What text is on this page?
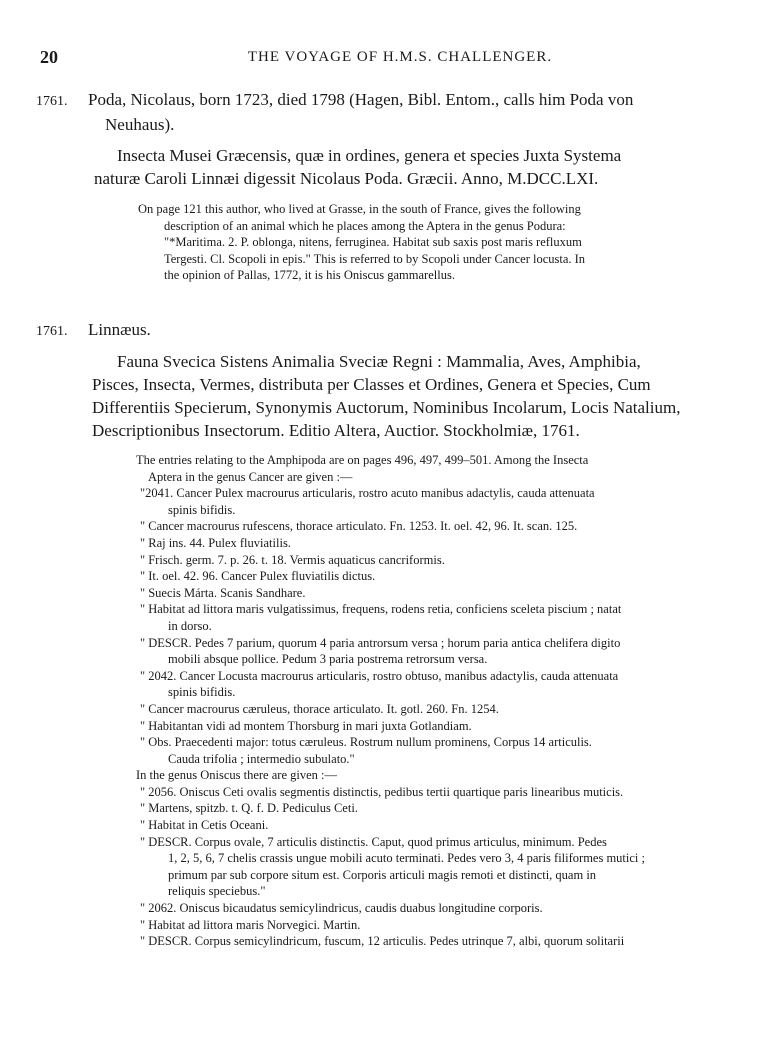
20	THE VOYAGE OF H.M.S. CHALLENGER.
1761. Poda, Nicolaus, born 1723, died 1798 (Hagen, Bibl. Entom., calls him Poda von
Neuhaus).
Insecta Musei Græcensis, quæ in ordines, genera et species Juxta Systema
naturæ Caroli Linnæi digessit Nicolaus Poda. Græcii. Anno, M.DCC.LXI.

On page 121 this author, who lived at Grasse, in the south of France, gives the following

description of an animal which he places among the Aptera in the genus Podura:

"*Maritima. 2. P. oblonga, nitens, ferruginea. Habitat sub saxis post maris refluxum

Tergesti. Cl. Scopoli in epis." This is referred to by Scopoli under Cancer locusta. In

the opinion of Pallas, 1772, it is his Oniscus gammarellus.

1761. Linnæus.
Fauna Svecica Sistens Animalia Sveciæ Regni : Mammalia, Aves, Amphibia,
Pisces, Insecta, Vermes, distributa per Classes et Ordines, Genera et Species, Cum
Differentiis Specierum, Synonymis Auctorum, Nominibus Incolarum, Locis Natalium,
Descriptionibus Insectorum. Editio Altera, Auctior. Stockholmiæ, 1761.
The entries relating to the Amphipoda are on pages 496, 497, 499–501. Among the Insecta
Aptera in the genus Cancer are given :—
"2041. Cancer Pulex macrourus articularis, rostro acuto manibus adactylis, cauda attenuata
spinis bifidis.
" Cancer macrourus rufescens, thorace articulato. Fn. 1253. It. oel. 42, 96. It. scan. 125.
" Raj ins. 44. Pulex fluviatilis.
" Frisch. germ. 7. p. 26. t. 18. Vermis aquaticus cancriformis.
" It. oel. 42. 96. Cancer Pulex fluviatilis dictus.
" Suecis Márta. Scanis Sandhare.
" Habitat ad littora maris vulgatissimus, frequens, rodens retia, conficiens sceleta piscium ; natat
in dorso.
" DESCR. Pedes 7 parium, quorum 4 paria antrorsum versa ; horum paria antica chelifera digito
mobili absque pollice. Pedum 3 paria postrema retrorsum versa.
" 2042. Cancer Locusta macrourus articularis, rostro obtuso, manibus adactylis, cauda attenuata
spinis bifidis.
" Cancer macrourus cæruleus, thorace articulato. It. gotl. 260. Fn. 1254.
" Habitantan vidi ad montem Thorsburg in mari juxta Gotlandiam.
" Obs. Praecedenti major: totus cæruleus. Rostrum nullum prominens, Corpus 14 articulis.
Cauda trifolia ; intermedio subulato."
In the genus Oniscus there are given :—
" 2056. Oniscus Ceti ovalis segmentis distinctis, pedibus tertii quartique paris linearibus muticis.
" Martens, spitzb. t. Q. f. D. Pediculus Ceti.
" Habitat in Cetis Oceani.
" DESCR. Corpus ovale, 7 articulis distinctis. Caput, quod primus articulus, minimum. Pedes
1, 2, 5, 6, 7 chelis crassis ungue mobili acuto terminati. Pedes vero 3, 4 paris filiformes mutici ;
primum par sub corpore situm est. Corporis articuli magis remoti et distincti, quam in
reliquis speciebus."
" 2062. Oniscus bicaudatus semicylindricus, caudis duabus longitudine corporis.
" Habitat ad littora maris Norvegici. Martin.
" DESCR. Corpus semicylindricum, fuscum, 12 articulis. Pedes utrinque 7, albi, quorum solitarii
